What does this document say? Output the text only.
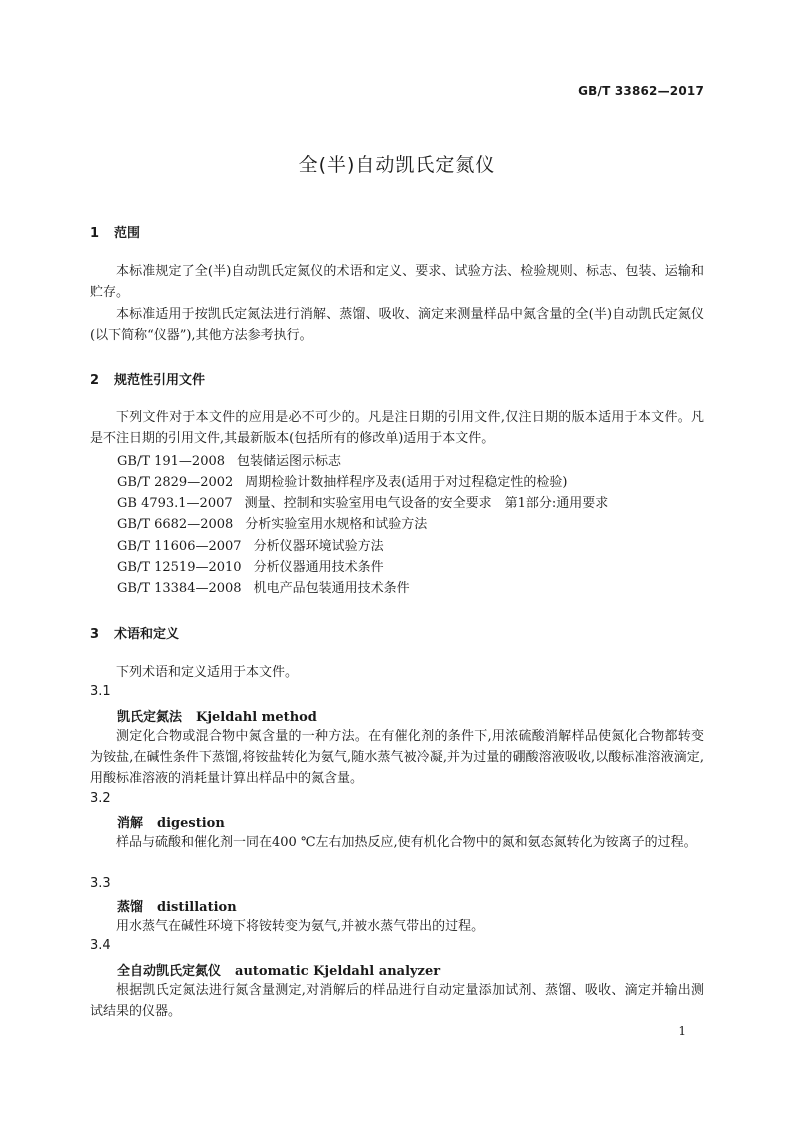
GB/T 33862—2017
全(半)自动凯氏定氮仪
1 范围
本标准规定了全(半)自动凯氏定氮仪的术语和定义、要求、试验方法、检验规则、标志、包装、运输和贮存。
本标准适用于按凯氏定氮法进行消解、蒸馏、吸收、滴定来测量样品中氮含量的全(半)自动凯氏定氮仪(以下简称“仪器”),其他方法参考执行。
2 规范性引用文件
下列文件对于本文件的应用是必不可少的。凡是注日期的引用文件,仅注日期的版本适用于本文件。凡是不注日期的引用文件,其最新版本(包括所有的修改单)适用于本文件。
GB/T 191—2008 包装储运图示标志
GB/T 2829—2002 周期检验计数抽样程序及表(适用于对过程稳定性的检验)
GB 4793.1—2007 测量、控制和实验室用电气设备的安全要求　第1部分:通用要求
GB/T 6682—2008 分析实验室用水规格和试验方法
GB/T 11606—2007 分析仪器环境试验方法
GB/T 12519—2010 分析仪器通用技术条件
GB/T 13384—2008 机电产品包装通用技术条件
3 术语和定义
下列术语和定义适用于本文件。
3.1
凯氏定氮法 Kjeldahl method
测定化合物或混合物中氮含量的一种方法。在有催化剂的条件下,用浓硫酸消解样品使氮化合物都转变为铵盐,在碱性条件下蒸馏,将铵盐转化为氨气,随水蒸气被冷凝,并为过量的硼酸溶液吸收,以酸标准溶液滴定,用酸标准溶液的消耗量计算出样品中的氮含量。
3.2
消解 digestion
样品与硫酸和催化剂一同在400 ℃左右加热反应,使有机化合物中的氮和氨态氮转化为铵离子的过程。
3.3
蒸馏 distillation
用水蒸气在碱性环境下将铵转变为氨气,并被水蒸气带出的过程。
3.4
全自动凯氏定氮仪 automatic Kjeldahl analyzer
根据凯氏定氮法进行氮含量测定,对消解后的样品进行自动定量添加试剂、蒸馏、吸收、滴定并输出测试结果的仪器。
1
